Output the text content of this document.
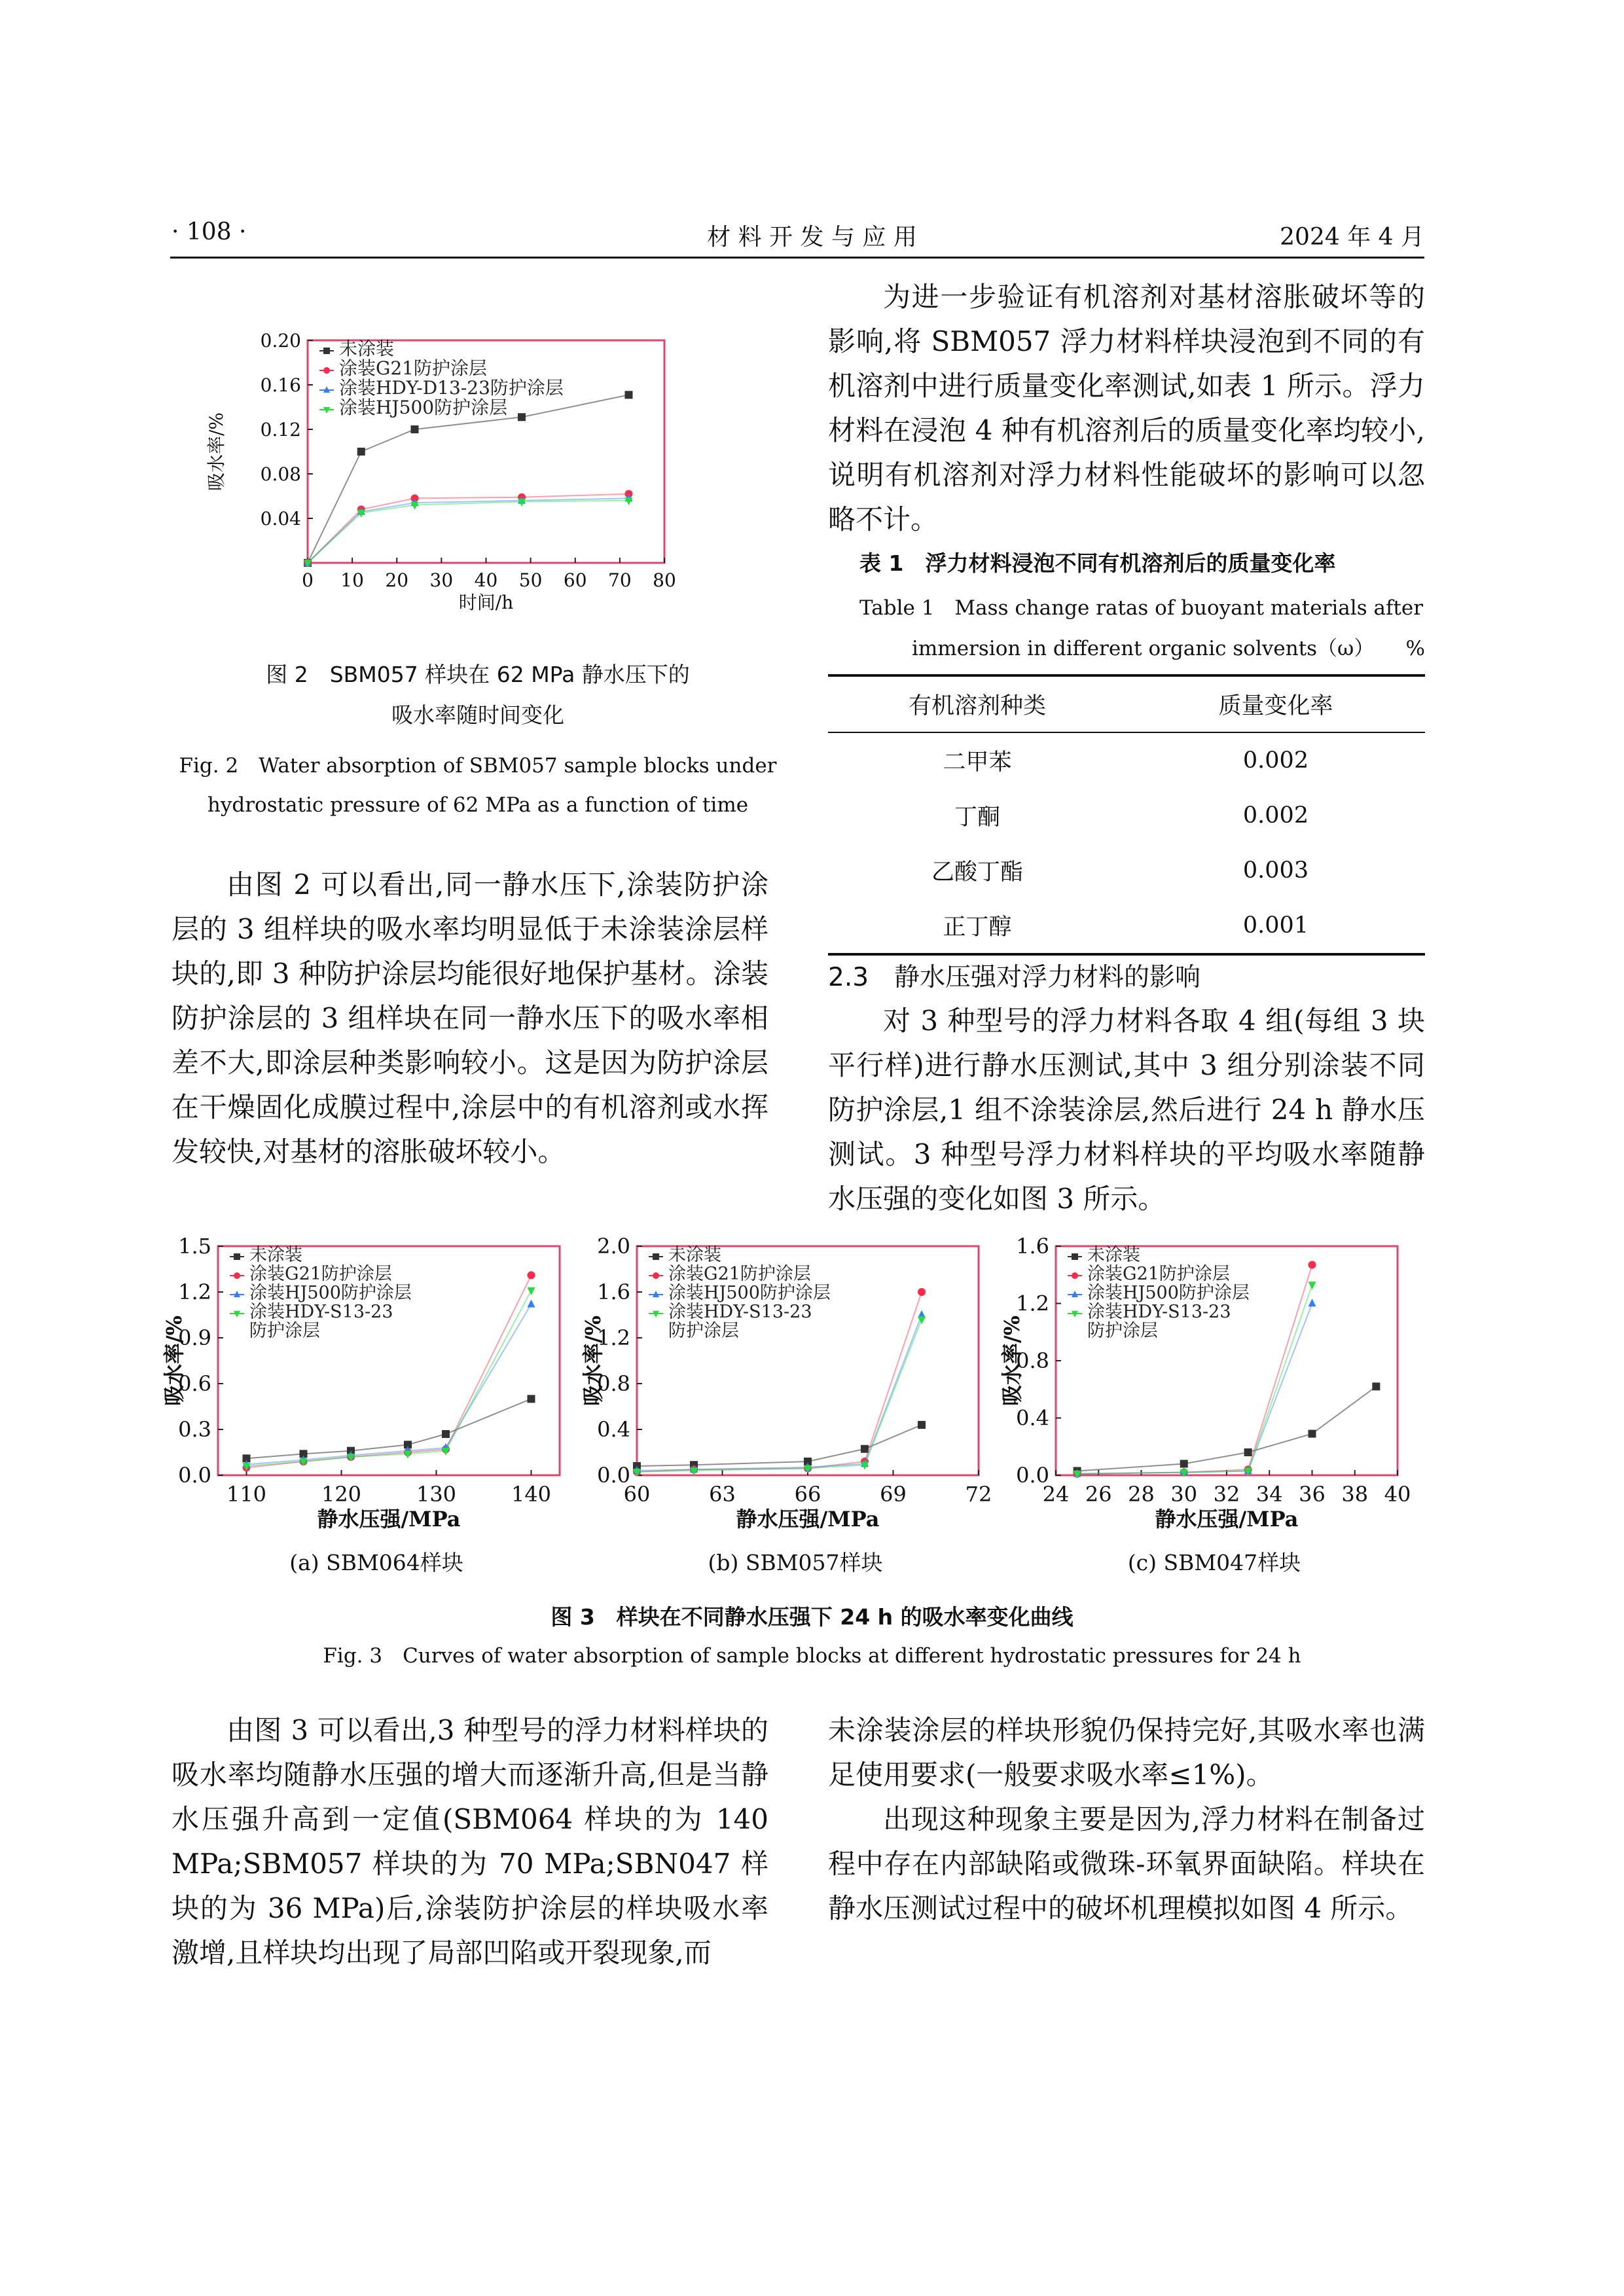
· 108 ·	材 料 开 发 与 应 用	2024 年 4 月
0 10 20 30 40 50 60 70 80
0.04
0.08
0.12
0.16
0.20
时间/h
吸水率/%
未涂装
涂装G21防护涂层
涂装HDY-D13-23防护涂层
涂装HJ500防护涂层
图 2　SBM057 样块在 62 MPa 静水压下的
吸水率随时间变化
Fig. 2　Water absorption of SBM057 sample blocks under
hydrostatic pressure of 62 MPa as a function of time

由图 2 可以看出,同一静水压下,涂装防护涂层的 3 组样块的吸水率均明显低于未涂装涂层样块的,即 3 种防护涂层均能很好地保护基材。涂装防护涂层的 3 组样块在同一静水压下的吸水率相差不大,即涂层种类影响较小。这是因为防护涂层在干燥固化成膜过程中,涂层中的有机溶剂或水挥发较快,对基材的溶胀破坏较小。

为进一步验证有机溶剂对基材溶胀破坏等的影响,将 SBM057 浮力材料样块浸泡到不同的有机溶剂中进行质量变化率测试,如表 1 所示。浮力材料在浸泡 4 种有机溶剂后的质量变化率均较小,说明有机溶剂对浮力材料性能破坏的影响可以忽略不计。

表 1　浮力材料浸泡不同有机溶剂后的质量变化率
Table 1　Mass change ratas of buoyant materials after
immersion in different organic solvents（ω） %
有机溶剂种类	质量变化率
二甲苯	0.002
丁酮	0.002
乙酸丁酯	0.003
正丁醇	0.001
2.3　静水压强对浮力材料的影响

对 3 种型号的浮力材料各取 4 组(每组 3 块平行样)进行静水压测试,其中 3 组分别涂装不同防护涂层,1 组不涂装涂层,然后进行 24 h 静水压测试。3 种型号浮力材料样块的平均吸水率随静水压强的变化如图 3 所示。

110	120	130	140
0.0
0.3
0.6
0.9
1.2
1.5
静水压强/MPa
吸水率/%
未涂装
涂装G21防护涂层
涂装HJ500防护涂层
涂装HDY-S13-23
防护涂层
60	63	66	69	72
0.0
0.4
0.8
1.2
1.6
2.0
静水压强/MPa
吸水率/%
未涂装
涂装G21防护涂层
涂装HJ500防护涂层
涂装HDY-S13-23
防护涂层
24 26 28 30 32 34 36 38 40
0.0
0.4
0.8
1.2
1.6
静水压强/MPa
吸水率/%
未涂装
涂装G21防护涂层
涂装HJ500防护涂层
涂装HDY-S13-23
防护涂层
(a) SBM064样块	(b) SBM057样块	(c) SBM047样块
图 3　样块在不同静水压强下 24 h 的吸水率变化曲线
Fig. 3　Curves of water absorption of sample blocks at different hydrostatic pressures for 24 h

由图 3 可以看出,3 种型号的浮力材料样块的吸水率均随静水压强的增大而逐渐升高,但是当静水压强升高到一定值(SBM064 样块的为 140 MPa;SBM057 样块的为 70 MPa;SBN047 样块的为 36 MPa)后,涂装防护涂层的样块吸水率激增,且样块均出现了局部凹陷或开裂现象,而

未涂装涂层的样块形貌仍保持完好,其吸水率也满足使用要求(一般要求吸水率≤1%)。

出现这种现象主要是因为,浮力材料在制备过程中存在内部缺陷或微珠-环氧界面缺陷。样块在静水压测试过程中的破坏机理模拟如图 4 所示。
